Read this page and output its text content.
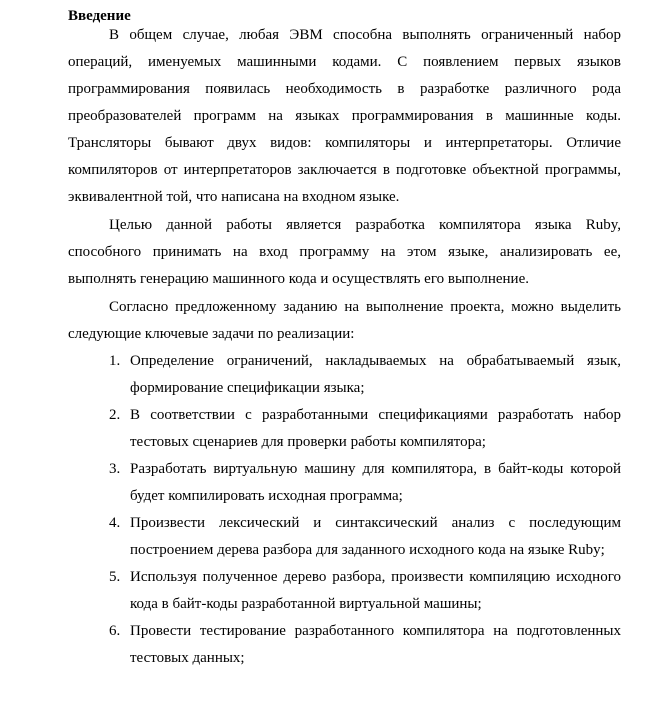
Введение

В общем случае, любая ЭВМ способна выполнять ограниченный набор операций, именуемых машинными кодами. С появлением первых языков программирования появилась необходимость в разработке различного рода преобразователей программ на языках программирования в машинные коды. Трансляторы бывают двух видов: компиляторы и интерпретаторы. Отличие компиляторов от интерпретаторов заключается в подготовке объектной программы, эквивалентной той, что написана на входном языке.

Целью данной работы является разработка компилятора языка Ruby, способного принимать на вход программу на этом языке, анализировать ее, выполнять генерацию машинного кода и осуществлять его выполнение.

Согласно предложенному заданию на выполнение проекта, можно выделить следующие ключевые задачи по реализации:

1. Определение ограничений, накладываемых на обрабатываемый язык, формирование спецификации языка;
2. В соответствии с разработанными спецификациями разработать набор тестовых сценариев для проверки работы компилятора;
3. Разработать виртуальную машину для компилятора, в байт-коды которой будет компилировать исходная программа;
4. Произвести лексический и синтаксический анализ с последующим построением дерева разбора для заданного исходного кода на языке Ruby;
5. Используя полученное дерево разбора, произвести компиляцию исходного кода в байт-коды разработанной виртуальной машины;
6. Провести тестирование разработанного компилятора на подготовленных тестовых данных;
